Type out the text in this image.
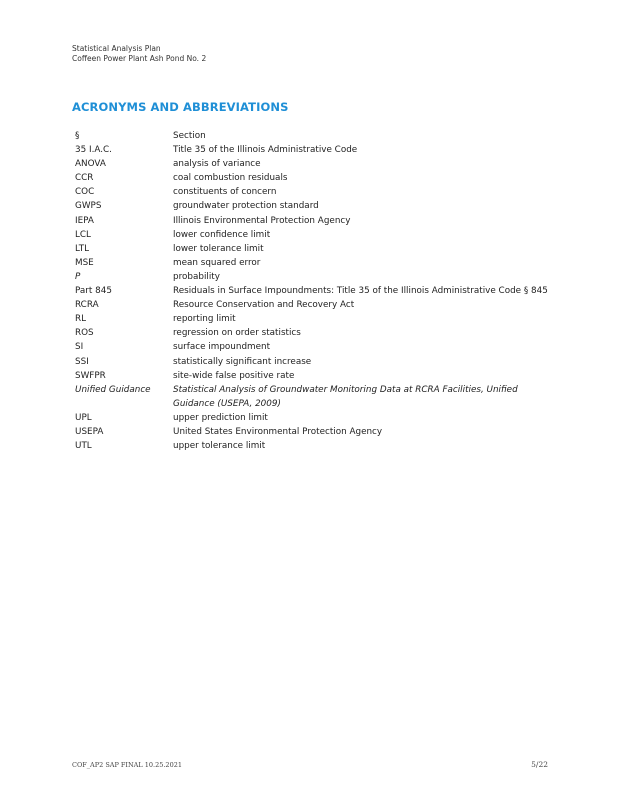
Statistical Analysis Plan
Coffeen Power Plant Ash Pond No. 2
ACRONYMS AND ABBREVIATIONS
§	Section
35 I.A.C.	Title 35 of the Illinois Administrative Code
ANOVA	analysis of variance
CCR	coal combustion residuals
COC	constituents of concern
GWPS	groundwater protection standard
IEPA	Illinois Environmental Protection Agency
LCL	lower confidence limit
LTL	lower tolerance limit
MSE	mean squared error
P	probability
Part 845	Residuals in Surface Impoundments: Title 35 of the Illinois Administrative Code § 845
RCRA	Resource Conservation and Recovery Act
RL	reporting limit
ROS	regression on order statistics
SI	surface impoundment
SSI	statistically significant increase
SWFPR	site-wide false positive rate
Unified Guidance	Statistical Analysis of Groundwater Monitoring Data at RCRA Facilities, Unified Guidance (USEPA, 2009)
UPL	upper prediction limit
USEPA	United States Environmental Protection Agency
UTL	upper tolerance limit
COF_AP2 SAP FINAL 10.25.2021	5/22
